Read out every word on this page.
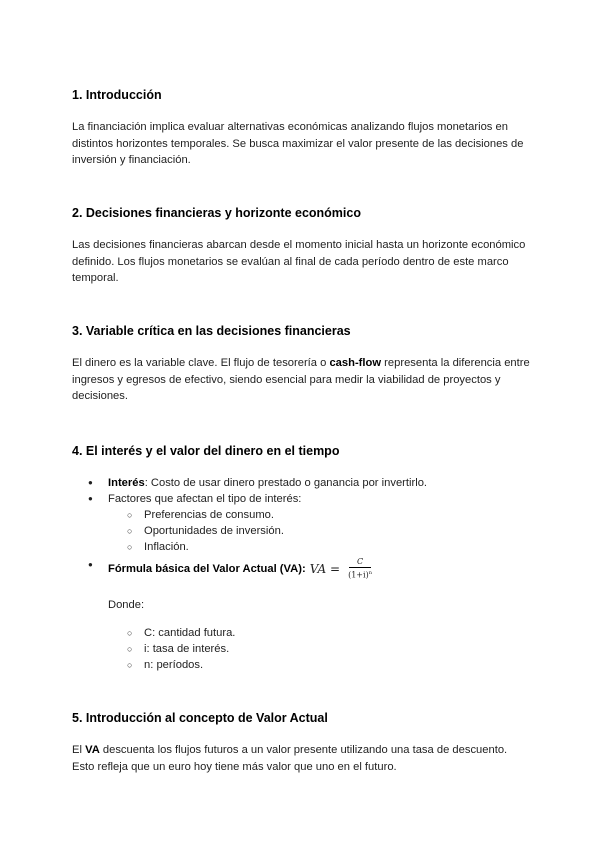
1. Introducción

La financiación implica evaluar alternativas económicas analizando flujos monetarios en distintos horizontes temporales. Se busca maximizar el valor presente de las decisiones de inversión y financiación.

2. Decisiones financieras y horizonte económico

Las decisiones financieras abarcan desde el momento inicial hasta un horizonte económico definido. Los flujos monetarios se evalúan al final de cada período dentro de este marco temporal.

3. Variable crítica en las decisiones financieras

El dinero es la variable clave. El flujo de tesorería o cash-flow representa la diferencia entre ingresos y egresos de efectivo, siendo esencial para medir la viabilidad de proyectos y decisiones.

4. El interés y el valor del dinero en el tiempo
● Interés: Costo de usar dinero prestado o ganancia por invertirlo.
● Factores que afectan el tipo de interés:
○ Preferencias de consumo.
○ Oportunidades de inversión.
○ Inflación.
● Fórmula básica del Valor Actual (VA): VA = $\frac{C}{(1+i)^n}$
Donde:
○ C: cantidad futura.
○ i: tasa de interés.
○ n: períodos.
5. Introducción al concepto de Valor Actual

El VA descuenta los flujos futuros a un valor presente utilizando una tasa de descuento. Esto refleja que un euro hoy tiene más valor que uno en el futuro.
